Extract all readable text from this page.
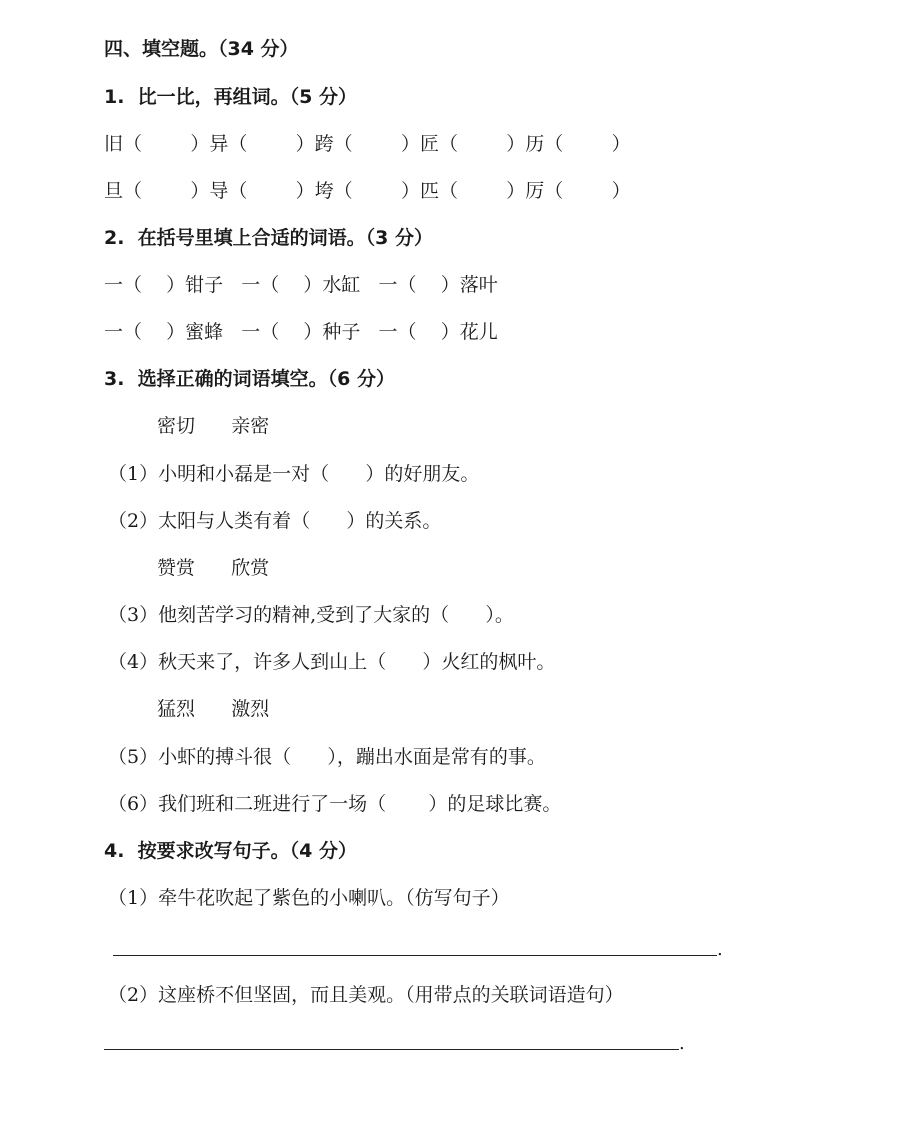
四、填空题。（34 分）
1.  比一比，再组词。（5 分）
旧（        ）异（        ）跨（        ）匠（        ）历（        ）
旦（        ）导（        ）垮（        ）匹（        ）厉（        ）
2.  在括号里填上合适的词语。（3 分）
一（    ）钳子   一（    ）水缸   一（    ）落叶
一（    ）蜜蜂   一（    ）种子   一（    ）花儿
3.  选择正确的词语填空。（6 分）
密切      亲密
（1）小明和小磊是一对（      ）的好朋友。
（2）太阳与人类有着（      ）的关系。
赞赏      欣赏
（3）他刻苦学习的精神,受到了大家的（      ）。
（4）秋天来了，许多人到山上（      ）火红的枫叶。
猛烈      激烈
（5）小虾的搏斗很（      ），蹦出水面是常有的事。
（6）我们班和二班进行了一场（       ）的足球比赛。
4.  按要求改写句子。（4 分）
（1）牵牛花吹起了紫色的小喇叭。（仿写句子）
.
（2）这座桥不但坚固，而且美观。（用带点的关联词语造句）
.
